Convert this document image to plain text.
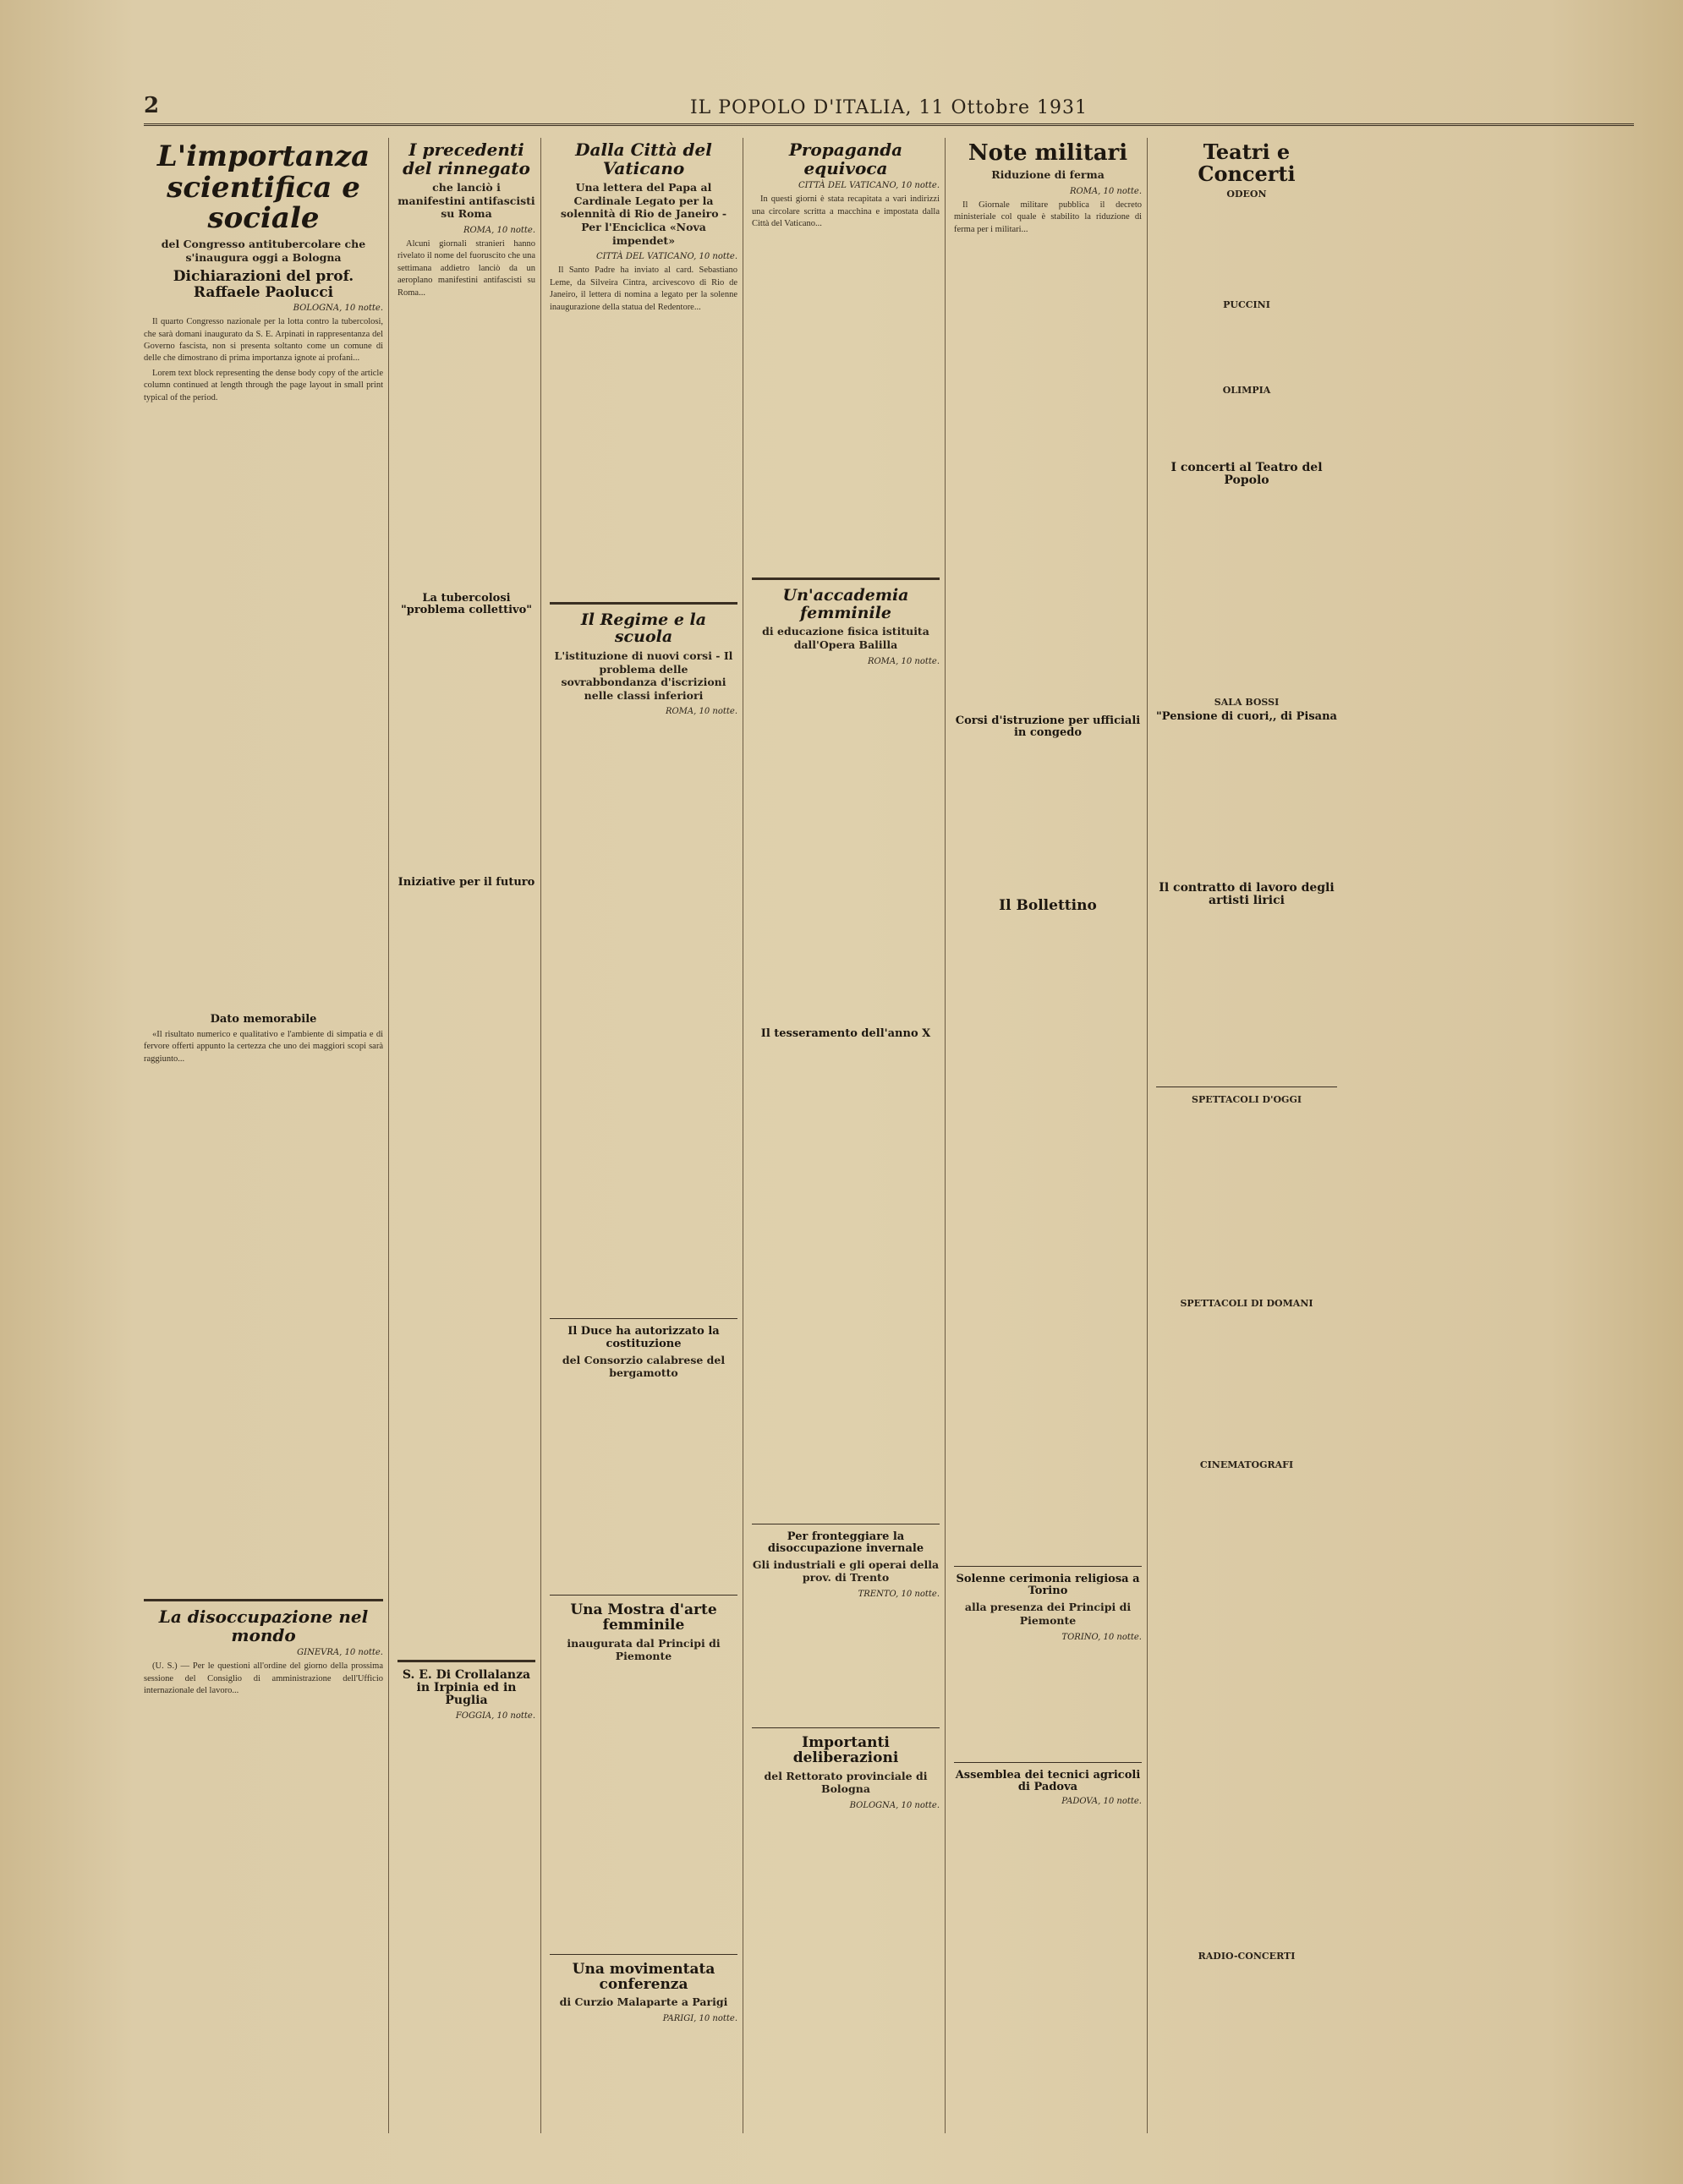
2	IL POPOLO D'ITALIA, 11 Ottobre 1931
L'importanza scientifica e sociale
del Congresso antitubercolare che s'inaugura oggi a Bologna
Dichiarazioni del prof. Raffaele Paolucci
BOLOGNA, 10 notte.

Il quarto Congresso nazionale per la lotta contro la tubercolosi, che sarà domani inaugurato da S. E. Arpinati in rappresentanza del Governo fascista, non si presenta soltanto come un comune di delle che dimostrano di prima importanza ignote ai profani...

Lorem text block representing the dense body copy of the article column continued at length through the page layout in small print typical of the period.

Dato memorabile

«Il risultato numerico e qualitativo e l'ambiente di simpatia e di fervore offerti appunto la certezza che uno dei maggiori scopi sarà raggiunto...

La disoccupazione nel mondo
GINEVRA, 10 notte.

(U. S.) — Per le questioni all'ordine del giorno della prossima sessione del Consiglio di amministrazione dell'Ufficio internazionale del lavoro...

I precedenti del rinnegato
che lanciò i manifestini antifascisti su Roma
ROMA, 10 notte.

Alcuni giornali stranieri hanno rivelato il nome del fuoruscito che una settimana addietro lanciò da un aeroplano manifestini antifascisti su Roma...

La tubercolosi "problema collettivo"
Iniziative per il futuro
S. E. Di Crollalanza in Irpinia ed in Puglia
FOGGIA, 10 notte.
Dalla Città del Vaticano
Una lettera del Papa al Cardinale Legato per la solennità di Rio de Janeiro - Per l'Enciclica «Nova impendet»
CITTÀ DEL VATICANO, 10 notte.

Il Santo Padre ha inviato al card. Sebastiano Leme, da Silveira Cintra, arcivescovo di Rio de Janeiro, il lettera di nomina a legato per la solenne inaugurazione della statua del Redentore...

Il Regime e la scuola
L'istituzione di nuovi corsi - Il problema delle sovrabbondanza d'iscrizioni nelle classi inferiori
ROMA, 10 notte.
Il Duce ha autorizzato la costituzione
del Consorzio calabrese del bergamotto
Una Mostra d'arte femminile
inaugurata dal Principi di Piemonte
Una movimentata conferenza
di Curzio Malaparte a Parigi
PARIGI, 10 notte.
Propaganda equivoca
CITTÀ DEL VATICANO, 10 notte.

In questi giorni è stata recapitata a vari indirizzi una circolare scritta a macchina e impostata dalla Città del Vaticano...

Un'accademia femminile
di educazione fisica istituita dall'Opera Balilla
ROMA, 10 notte.
Il tesseramento dell'anno X
Per fronteggiare la disoccupazione invernale
Gli industriali e gli operai della prov. di Trento
TRENTO, 10 notte.
Importanti deliberazioni
del Rettorato provinciale di Bologna
BOLOGNA, 10 notte.
Note militari
Riduzione di ferma
ROMA, 10 notte.

Il Giornale militare pubblica il decreto ministeriale col quale è stabilito la riduzione di ferma per i militari...

Corsi d'istruzione per ufficiali in congedo
Il Bollettino
Solenne cerimonia religiosa a Torino
alla presenza dei Principi di Piemonte
TORINO, 10 notte.
Assemblea dei tecnici agricoli di Padova
PADOVA, 10 notte.
Teatri e Concerti
ODEON
PUCCINI
OLIMPIA
I concerti al Teatro del Popolo
SALA BOSSI
"Pensione di cuori,, di Pisana
Il contratto di lavoro degli artisti lirici
SPETTACOLI D'OGGI
SPETTACOLI DI DOMANI
CINEMATOGRAFI
RADIO-CONCERTI
